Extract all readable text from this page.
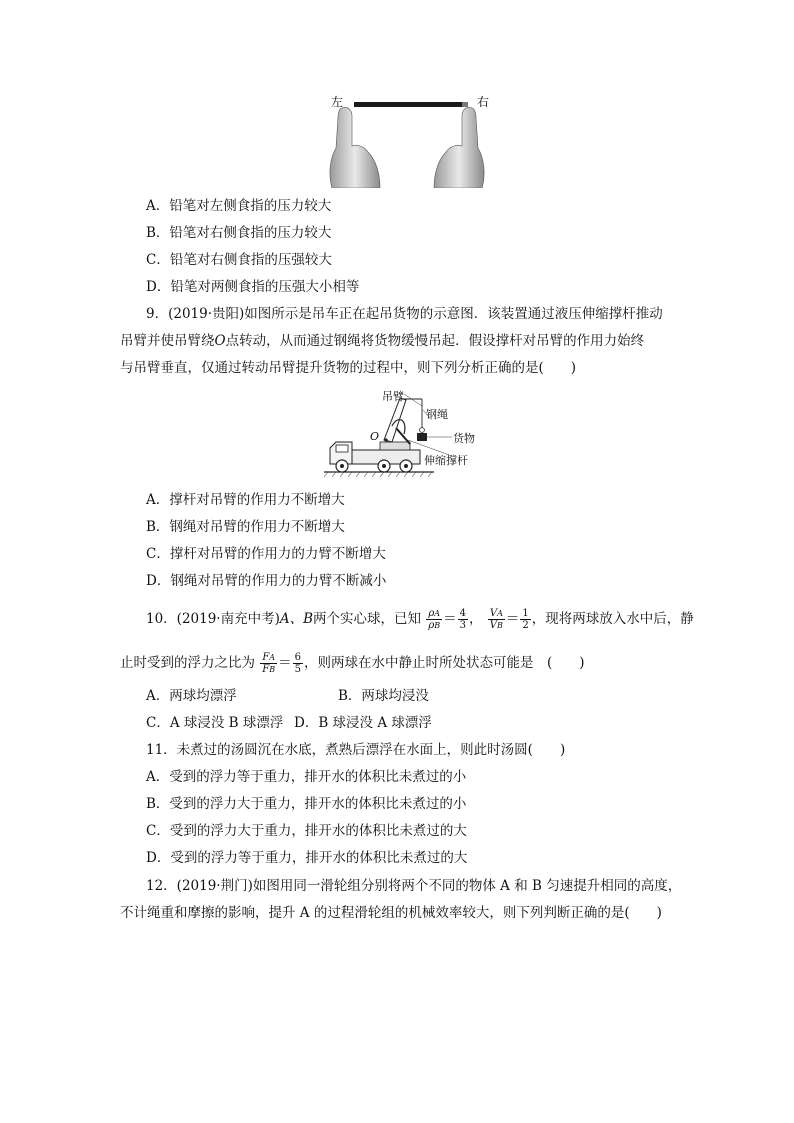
左	右
A．铅笔对左侧食指的压力较大
B．铅笔对右侧食指的压力较大
C．铅笔对右侧食指的压强较大
D．铅笔对两侧食指的压强大小相等
9．(2019·贵阳)如图所示是吊车正在起吊货物的示意图．该装置通过液压伸缩撑杆推动
吊臂并使吊臂绕O点转动，从而通过钢绳将货物缓慢吊起．假设撑杆对吊臂的作用力始终
与吊臂垂直，仅通过转动吊臂提升货物的过程中，则下列分析正确的是(　　)
吊臂
钢绳
货物
伸缩撑杆
O
A．撑杆对吊臂的作用力不断增大
B．钢绳对吊臂的作用力不断增大
C．撑杆对吊臂的作用力的力臂不断增大
D．钢绳对吊臂的作用力的力臂不断减小
10．(2019·南充中考)A、B两个实心球，已知 $\frac{\rho^A}{\rho^B} = \frac{4}{3}$ ， $\frac{V^A}{V^B} = \frac{1}{2}$ ，现将两球放入水中后，静
止时受到的浮力之比为 $\frac{F^A}{F^B} = \frac{6}{5}$ ，则两球在水中静止时所处状态可能是　(　　)
A．两球均漂浮	B．两球均浸没
C．A 球浸没 B 球漂浮 D．B 球浸没 A 球漂浮
11．未煮过的汤圆沉在水底，煮熟后漂浮在水面上，则此时汤圆(　　)
A．受到的浮力等于重力，排开水的体积比未煮过的小
B．受到的浮力大于重力，排开水的体积比未煮过的小
C．受到的浮力大于重力，排开水的体积比未煮过的大
D．受到的浮力等于重力，排开水的体积比未煮过的大
12．(2019·荆门)如图用同一滑轮组分别将两个不同的物体 A 和 B 匀速提升相同的高度，
不计绳重和摩擦的影响，提升 A 的过程滑轮组的机械效率较大，则下列判断正确的是(　　)
